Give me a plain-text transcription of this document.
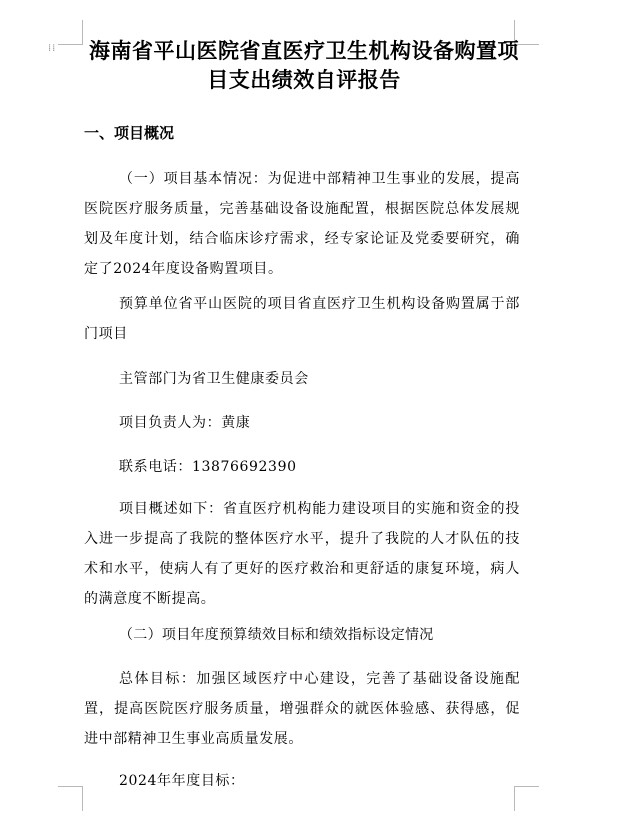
⁞⁞ 海南省平山医院省直医疗卫生机构设备购置项目支出绩效自评报告
一、项目概况

（一）项目基本情况：为促进中部精神卫生事业的发展，提高医院医疗服务质量，完善基础设备设施配置，根据医院总体发展规划及年度计划，结合临床诊疗需求，经专家论证及党委要研究，确定了2024年度设备购置项目。

预算单位省平山医院的项目省直医疗卫生机构设备购置属于部门项目

主管部门为省卫生健康委员会

项目负责人为：黄康

联系电话：13876692390

项目概述如下：省直医疗机构能力建设项目的实施和资金的投入进一步提高了我院的整体医疗水平，提升了我院的人才队伍的技术和水平，使病人有了更好的医疗救治和更舒适的康复环境，病人的满意度不断提高。

（二）项目年度预算绩效目标和绩效指标设定情况

总体目标：加强区域医疗中心建设，完善了基础设备设施配置，提高医院医疗服务质量，增强群众的就医体验感、获得感，促进中部精神卫生事业高质量发展。

2024年年度目标：
